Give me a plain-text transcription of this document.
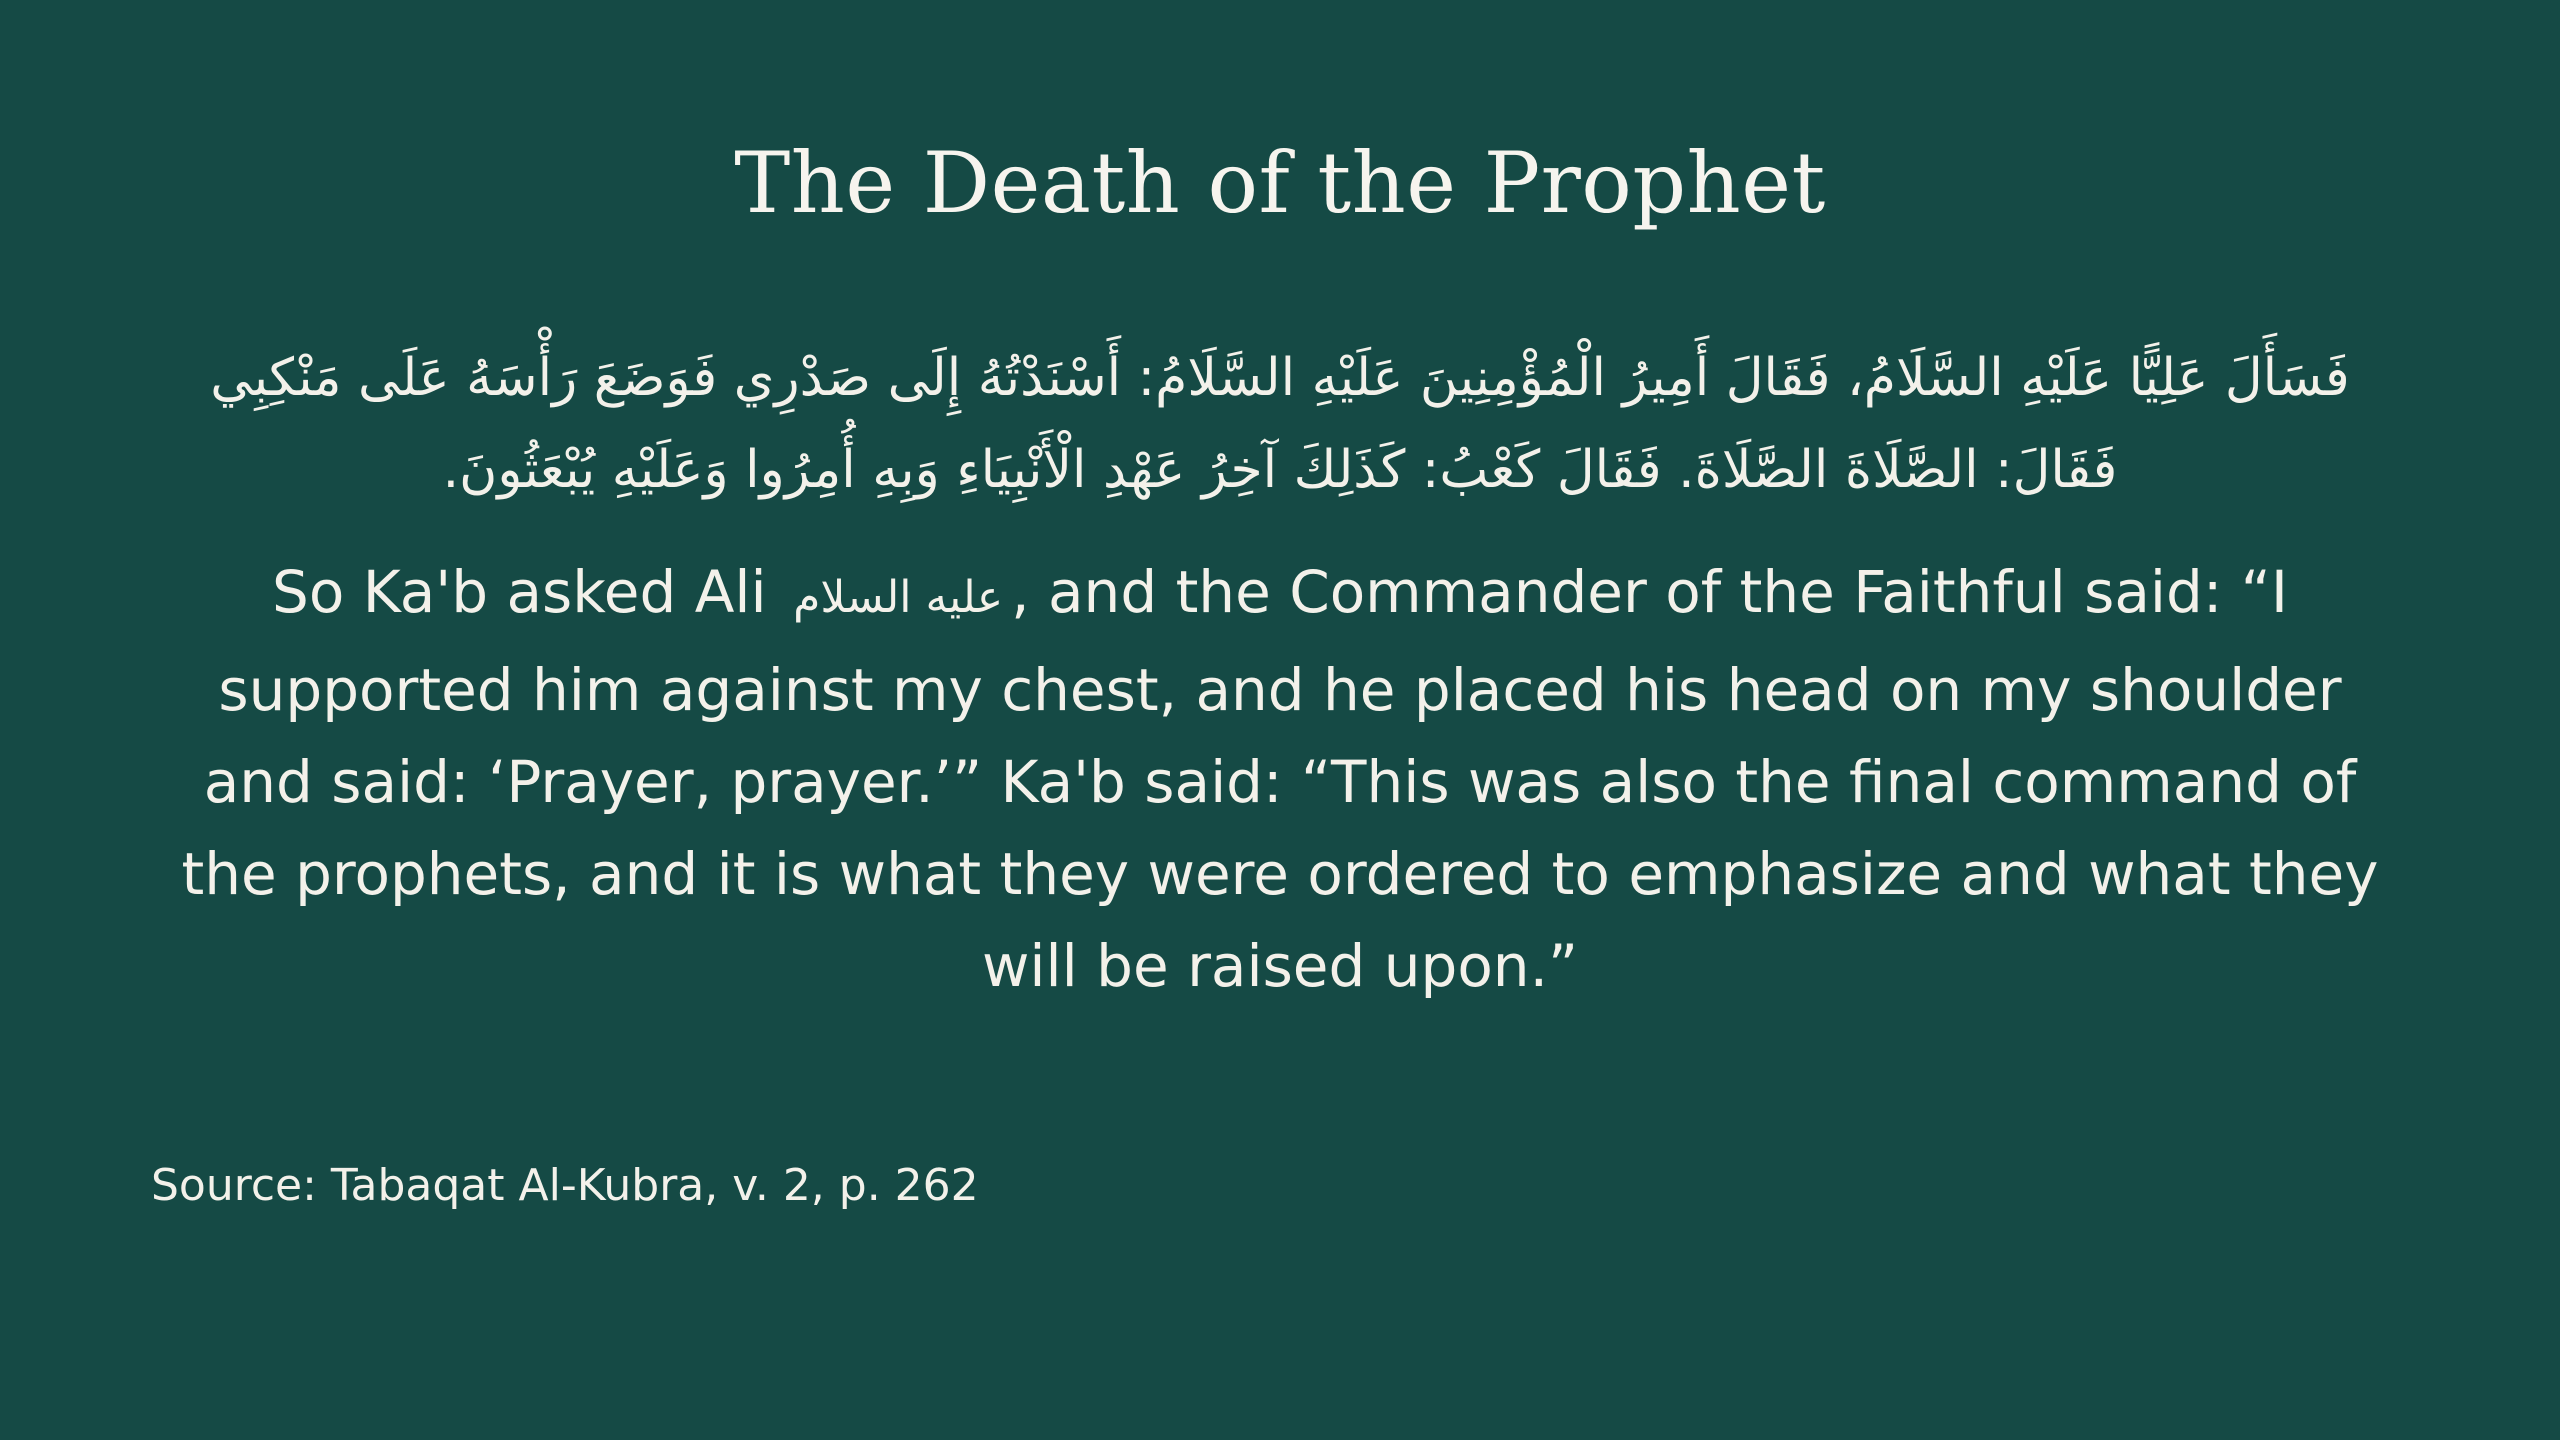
The Death of the Prophet
فَسَأَلَ عَلِيًّا عَلَيْهِ السَّلَامُ، فَقَالَ أَمِيرُ الْمُؤْمِنِينَ عَلَيْهِ السَّلَامُ: أَسْنَدْتُهُ إِلَى صَدْرِي فَوَضَعَ رَأْسَهُ عَلَى مَنْكِبِي فَقَالَ: الصَّلَاةَ الصَّلَاةَ. فَقَالَ كَعْبُ: كَذَلِكَ آخِرُ عَهْدِ الْأَنْبِيَاءِ وَبِهِ أُمِرُوا وَعَلَيْهِ يُبْعَثُونَ.
So Ka'b asked Ali عليه السلام , and the Commander of the Faithful said: “I supported him against my chest, and he placed his head on my shoulder and said: ‘Prayer, prayer.’” Ka'b said: “This was also the final command of the prophets, and it is what they were ordered to emphasize and what they will be raised upon.”
Source: Tabaqat Al-Kubra, v. 2, p. 262
